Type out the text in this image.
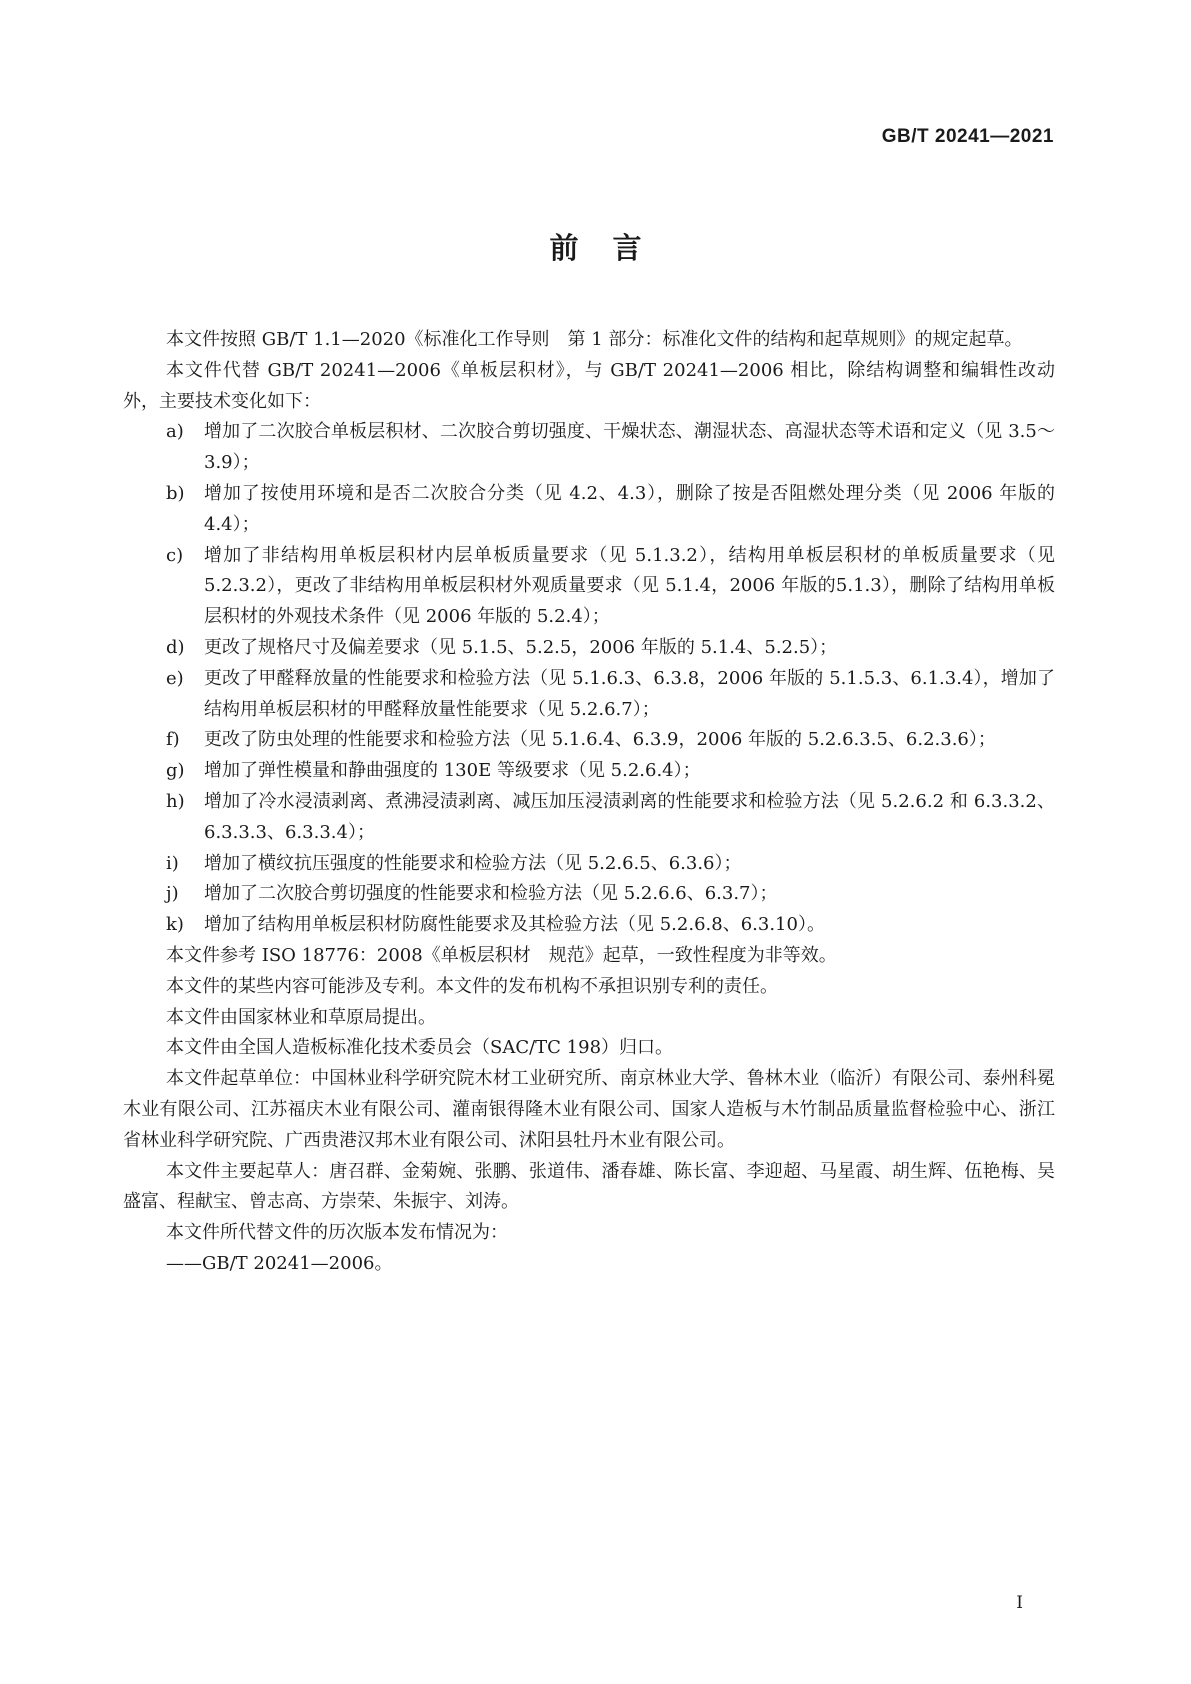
GB/T 20241—2021
前言

本文件按照 GB/T 1.1—2020《标准化工作导则　第 1 部分：标准化文件的结构和起草规则》的规定起草。

本文件代替 GB/T 20241—2006《单板层积材》，与 GB/T 20241—2006 相比，除结构调整和编辑性改动外，主要技术变化如下：

a)	增加了二次胶合单板层积材、二次胶合剪切强度、干燥状态、潮湿状态、高湿状态等术语和定义（见 3.5～3.9）；
b)	增加了按使用环境和是否二次胶合分类（见 4.2、4.3），删除了按是否阻燃处理分类（见 2006 年版的 4.4）；
c)	增加了非结构用单板层积材内层单板质量要求（见 5.1.3.2），结构用单板层积材的单板质量要求（见 5.2.3.2），更改了非结构用单板层积材外观质量要求（见 5.1.4，2006 年版的5.1.3），删除了结构用单板层积材的外观技术条件（见 2006 年版的 5.2.4）；
d)	更改了规格尺寸及偏差要求（见 5.1.5、5.2.5，2006 年版的 5.1.4、5.2.5）；
e)	更改了甲醛释放量的性能要求和检验方法（见 5.1.6.3、6.3.8，2006 年版的 5.1.5.3、6.1.3.4），增加了结构用单板层积材的甲醛释放量性能要求（见 5.2.6.7）；
f)	更改了防虫处理的性能要求和检验方法（见 5.1.6.4、6.3.9，2006 年版的 5.2.6.3.5、6.2.3.6）；
g)	增加了弹性模量和静曲强度的 130E 等级要求（见 5.2.6.4）；
h)	增加了冷水浸渍剥离、煮沸浸渍剥离、减压加压浸渍剥离的性能要求和检验方法（见 5.2.6.2 和 6.3.3.2、6.3.3.3、6.3.3.4）；
i)	增加了横纹抗压强度的性能要求和检验方法（见 5.2.6.5、6.3.6）；
j)	增加了二次胶合剪切强度的性能要求和检验方法（见 5.2.6.6、6.3.7）；
k)	增加了结构用单板层积材防腐性能要求及其检验方法（见 5.2.6.8、6.3.10）。

本文件参考 ISO 18776：2008《单板层积材　规范》起草，一致性程度为非等效。

本文件的某些内容可能涉及专利。本文件的发布机构不承担识别专利的责任。

本文件由国家林业和草原局提出。

本文件由全国人造板标准化技术委员会（SAC/TC 198）归口。

本文件起草单位：中国林业科学研究院木材工业研究所、南京林业大学、鲁林木业（临沂）有限公司、泰州科冕木业有限公司、江苏福庆木业有限公司、灌南银得隆木业有限公司、国家人造板与木竹制品质量监督检验中心、浙江省林业科学研究院、广西贵港汉邦木业有限公司、沭阳县牡丹木业有限公司。

本文件主要起草人：唐召群、金菊婉、张鹏、张道伟、潘春雄、陈长富、李迎超、马星霞、胡生辉、伍艳梅、吴盛富、程献宝、曾志高、方崇荣、朱振宇、刘涛。

本文件所代替文件的历次版本发布情况为：

——GB/T 20241—2006。

I
